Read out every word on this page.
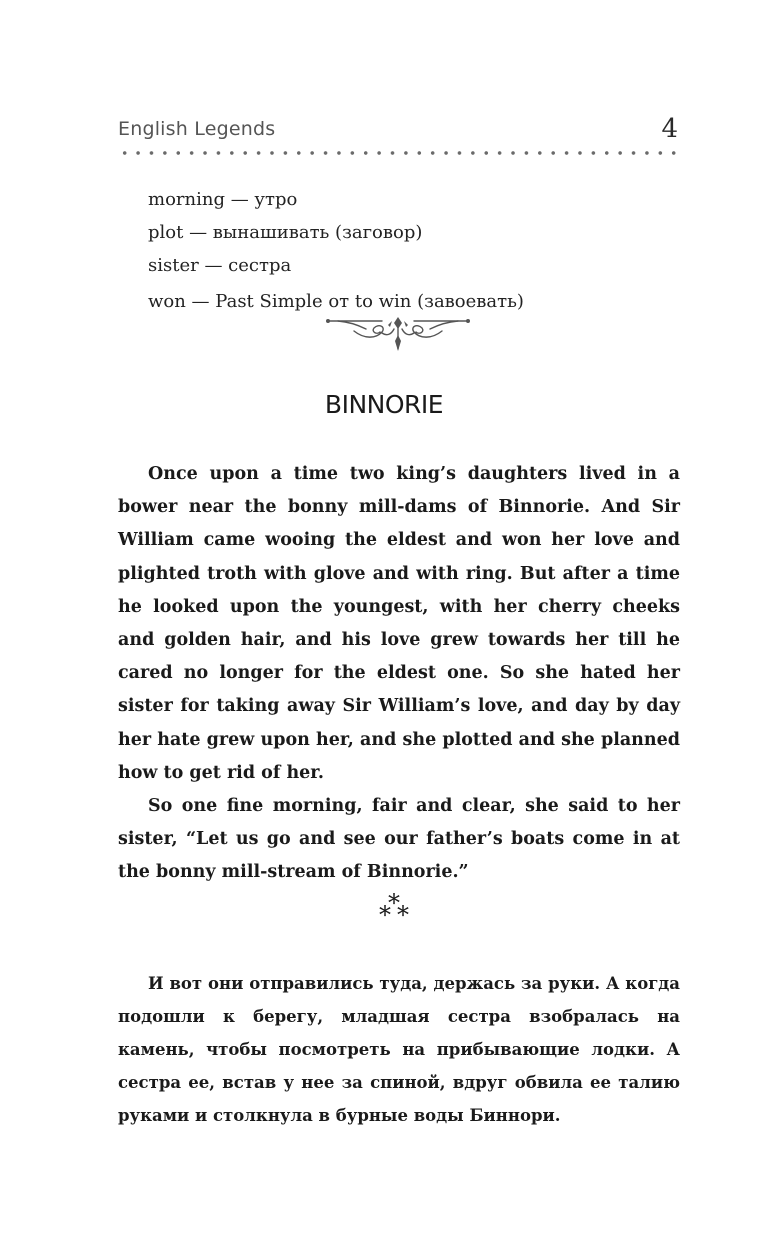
English Legends	4
morning — утро
plot — вынашивать (заговор)
sister — сестра
won — Past Simple от to win (завоевать)
BINNORIE

Once upon a time two king’s daughters lived in a bower near the bonny mill-dams of Binnorie. And Sir William came wooing the eldest and won her love and plighted troth with glove and with ring. But after a time he looked upon the youngest, with her cherry cheeks and golden hair, and his love grew towards her till he cared no longer for the eldest one. So she hated her sister for taking away Sir William’s love, and day by day her hate grew upon her, and she plotted and she planned how to get rid of her.

So one fine morning, fair and clear, she said to her sister, “Let us go and see our father’s boats come in at the bonny mill-stream of Binnorie.”

*
* *

И вот они отправились туда, держась за руки. А когда подошли к берегу, младшая сестра взобралась на камень, чтобы посмотреть на прибывающие лодки. А сестра ее, встав у нее за спиной, вдруг обвила ее талию руками и столкнула в бурные воды Биннори.
